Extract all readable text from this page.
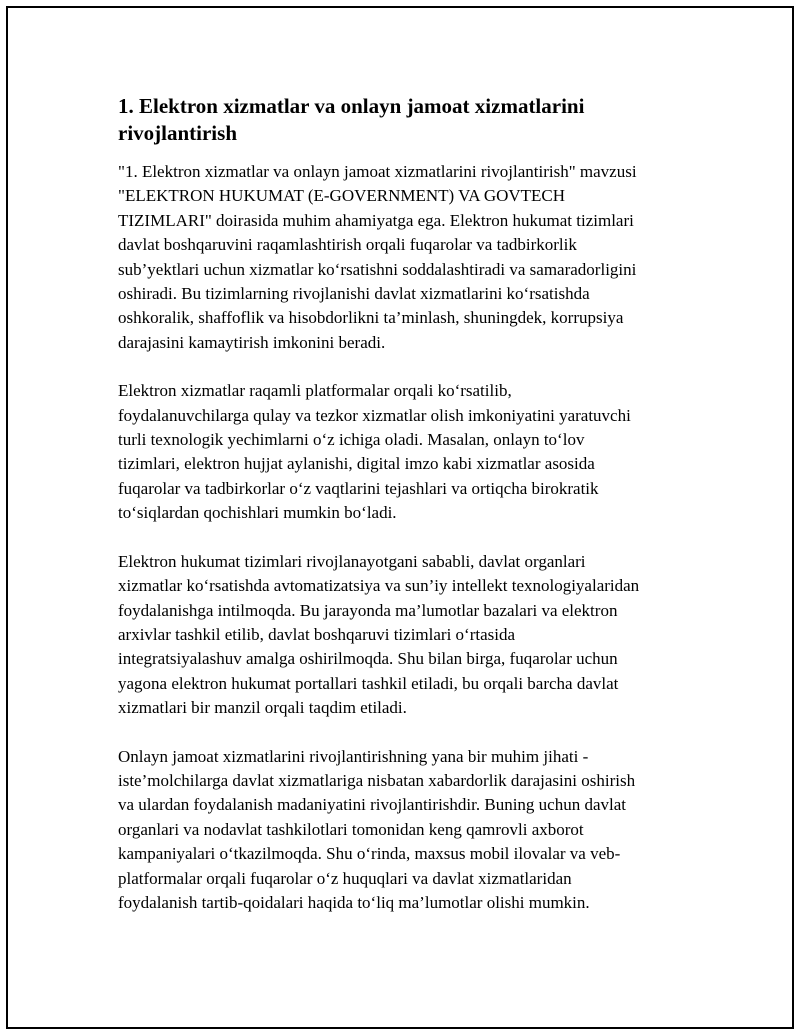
1. Elektron xizmatlar va onlayn jamoat xizmatlarini
rivojlantirish

"1. Elektron xizmatlar va onlayn jamoat xizmatlarini rivojlantirish" mavzusi
"ELEKTRON HUKUMAT (E-GOVERNMENT) VA GOVTECH
TIZIMLARI" doirasida muhim ahamiyatga ega. Elektron hukumat tizimlari
davlat boshqaruvini raqamlashtirish orqali fuqarolar va tadbirkorlik
sub’yektlari uchun xizmatlar ko‘rsatishni soddalashtiradi va samaradorligini
oshiradi. Bu tizimlarning rivojlanishi davlat xizmatlarini ko‘rsatishda
oshkoralik, shaffoflik va hisobdorlikni ta’minlash, shuningdek, korrupsiya
darajasini kamaytirish imkonini beradi.

Elektron xizmatlar raqamli platformalar orqali ko‘rsatilib,
foydalanuvchilarga qulay va tezkor xizmatlar olish imkoniyatini yaratuvchi
turli texnologik yechimlarni o‘z ichiga oladi. Masalan, onlayn to‘lov
tizimlari, elektron hujjat aylanishi, digital imzo kabi xizmatlar asosida
fuqarolar va tadbirkorlar o‘z vaqtlarini tejashlari va ortiqcha birokratik
to‘siqlardan qochishlari mumkin bo‘ladi.

Elektron hukumat tizimlari rivojlanayotgani sababli, davlat organlari
xizmatlar ko‘rsatishda avtomatizatsiya va sun’iy intellekt texnologiyalaridan
foydalanishga intilmoqda. Bu jarayonda ma’lumotlar bazalari va elektron
arxivlar tashkil etilib, davlat boshqaruvi tizimlari o‘rtasida
integratsiyalashuv amalga oshirilmoqda. Shu bilan birga, fuqarolar uchun
yagona elektron hukumat portallari tashkil etiladi, bu orqali barcha davlat
xizmatlari bir manzil orqali taqdim etiladi.

Onlayn jamoat xizmatlarini rivojlantirishning yana bir muhim jihati -
iste’molchilarga davlat xizmatlariga nisbatan xabardorlik darajasini oshirish
va ulardan foydalanish madaniyatini rivojlantirishdir. Buning uchun davlat
organlari va nodavlat tashkilotlari tomonidan keng qamrovli axborot
kampaniyalari o‘tkazilmoqda. Shu o‘rinda, maxsus mobil ilovalar va veb-
platformalar orqali fuqarolar o‘z huquqlari va davlat xizmatlaridan
foydalanish tartib-qoidalari haqida to‘liq ma’lumotlar olishi mumkin.
